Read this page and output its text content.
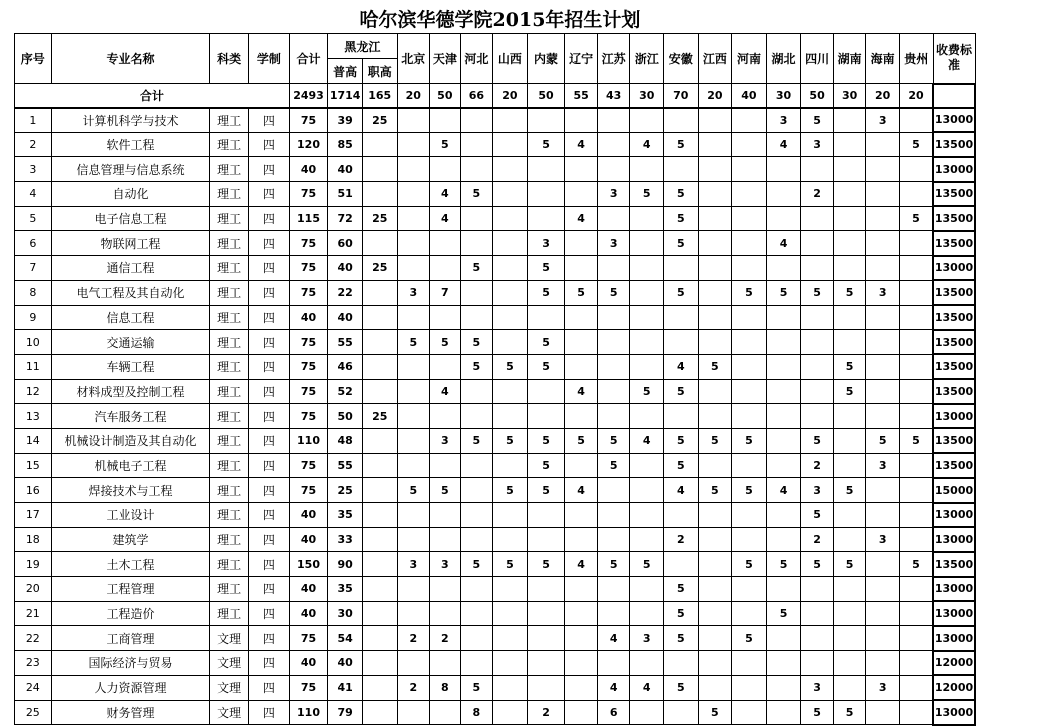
哈尔滨华德学院2015年招生计划
序号	专业名称	科类	学制	合计	黑龙江		北京	天津	河北	山西	内蒙	辽宁	江苏	浙江	安徽	江西	河南	湖北	四川	湖南	海南	贵州	收费标准
					普高	职高																	
合计				2493	1714	165	20	50	66	20	50	55	43	30	70	20	40	30	50	30	20	20	
1	计算机科学与技术	理工	四	75	39	25												3	5		3		13000
2	软件工程	理工	四	120	85			5			5	4		4	5			4	3			5	13500
3	信息管理与信息系统	理工	四	40	40																		13000
4	自动化	理工	四	75	51			4	5				3	5	5				2				13500
5	电子信息工程	理工	四	115	72	25		4				4			5							5	13500
6	物联网工程	理工	四	75	60						3		3		5			4					13500
7	通信工程	理工	四	75	40	25			5		5												13000
8	电气工程及其自动化	理工	四	75	22		3	7			5	5	5		5		5	5	5	5	3		13500
9	信息工程	理工	四	40	40																		13500
10	交通运输	理工	四	75	55		5	5	5		5												13500
11	车辆工程	理工	四	75	46				5	5	5				4	5				5			13500
12	材料成型及控制工程	理工	四	75	52			4				4		5	5					5			13500
13	汽车服务工程	理工	四	75	50	25																	13000
14	机械设计制造及其自动化	理工	四	110	48			3	5	5	5	5	5	4	5	5	5		5		5	5	13500
15	机械电子工程	理工	四	75	55						5		5		5				2		3		13500
16	焊接技术与工程	理工	四	75	25		5	5		5	5	4			4	5	5	4	3	5			15000
17	工业设计	理工	四	40	35														5				13000
18	建筑学	理工	四	40	33										2				2		3		13000
19	土木工程	理工	四	150	90		3	3	5	5	5	4	5	5			5	5	5	5		5	13500
20	工程管理	理工	四	40	35										5								13000
21	工程造价	理工	四	40	30										5			5					13000
22	工商管理	文理	四	75	54		2	2					4	3	5		5						13000
23	国际经济与贸易	文理	四	40	40																		12000
24	人力资源管理	文理	四	75	41		2	8	5				4	4	5				3		3		12000
25	财务管理	文理	四	110	79				8		2		6			5			5	5			13000
